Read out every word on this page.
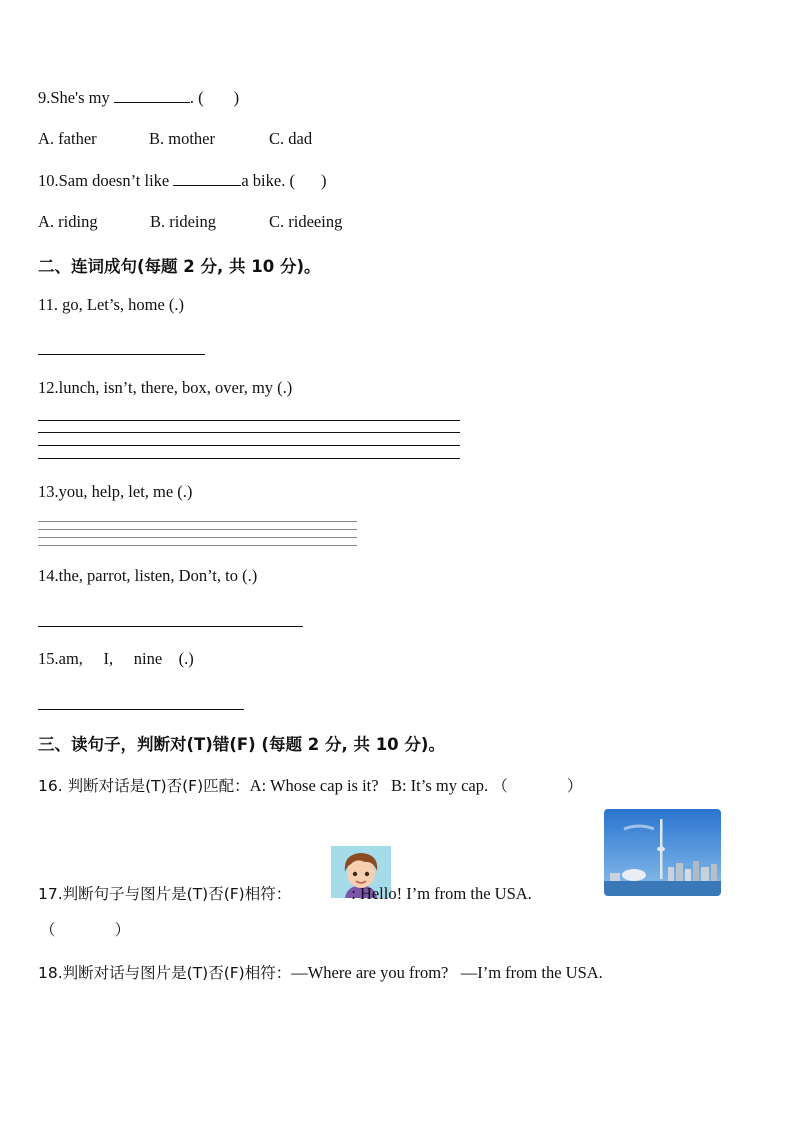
9.She's my	. ( )
A. father	B. mother	C. dad
10.Sam doesn’t like	a bike. ( )
A. riding	B. rideing	C. rideeing
二、连词成句(每题 2 分, 共 10 分)。
11. go, Let’s, home (.)
12.lunch, isn’t, there, box, over, my (.)
13.you, help, let, me (.)
14.the, parrot, listen, Don’t, to (.)
15.am,     I,     nine    (.)
三、读句子，判断对(T)错(F) (每题 2 分, 共 10 分)。
16. 判断对话是(T)否(F)匹配：A: Whose cap is it?   B: It’s my cap. （            ）
17.判断句子与图片是(T)否(F)相符：	: Hello! I’m from the USA.
（            ）
18.判断对话与图片是(T)否(F)相符：—Where are you from?   —I’m from the USA.
